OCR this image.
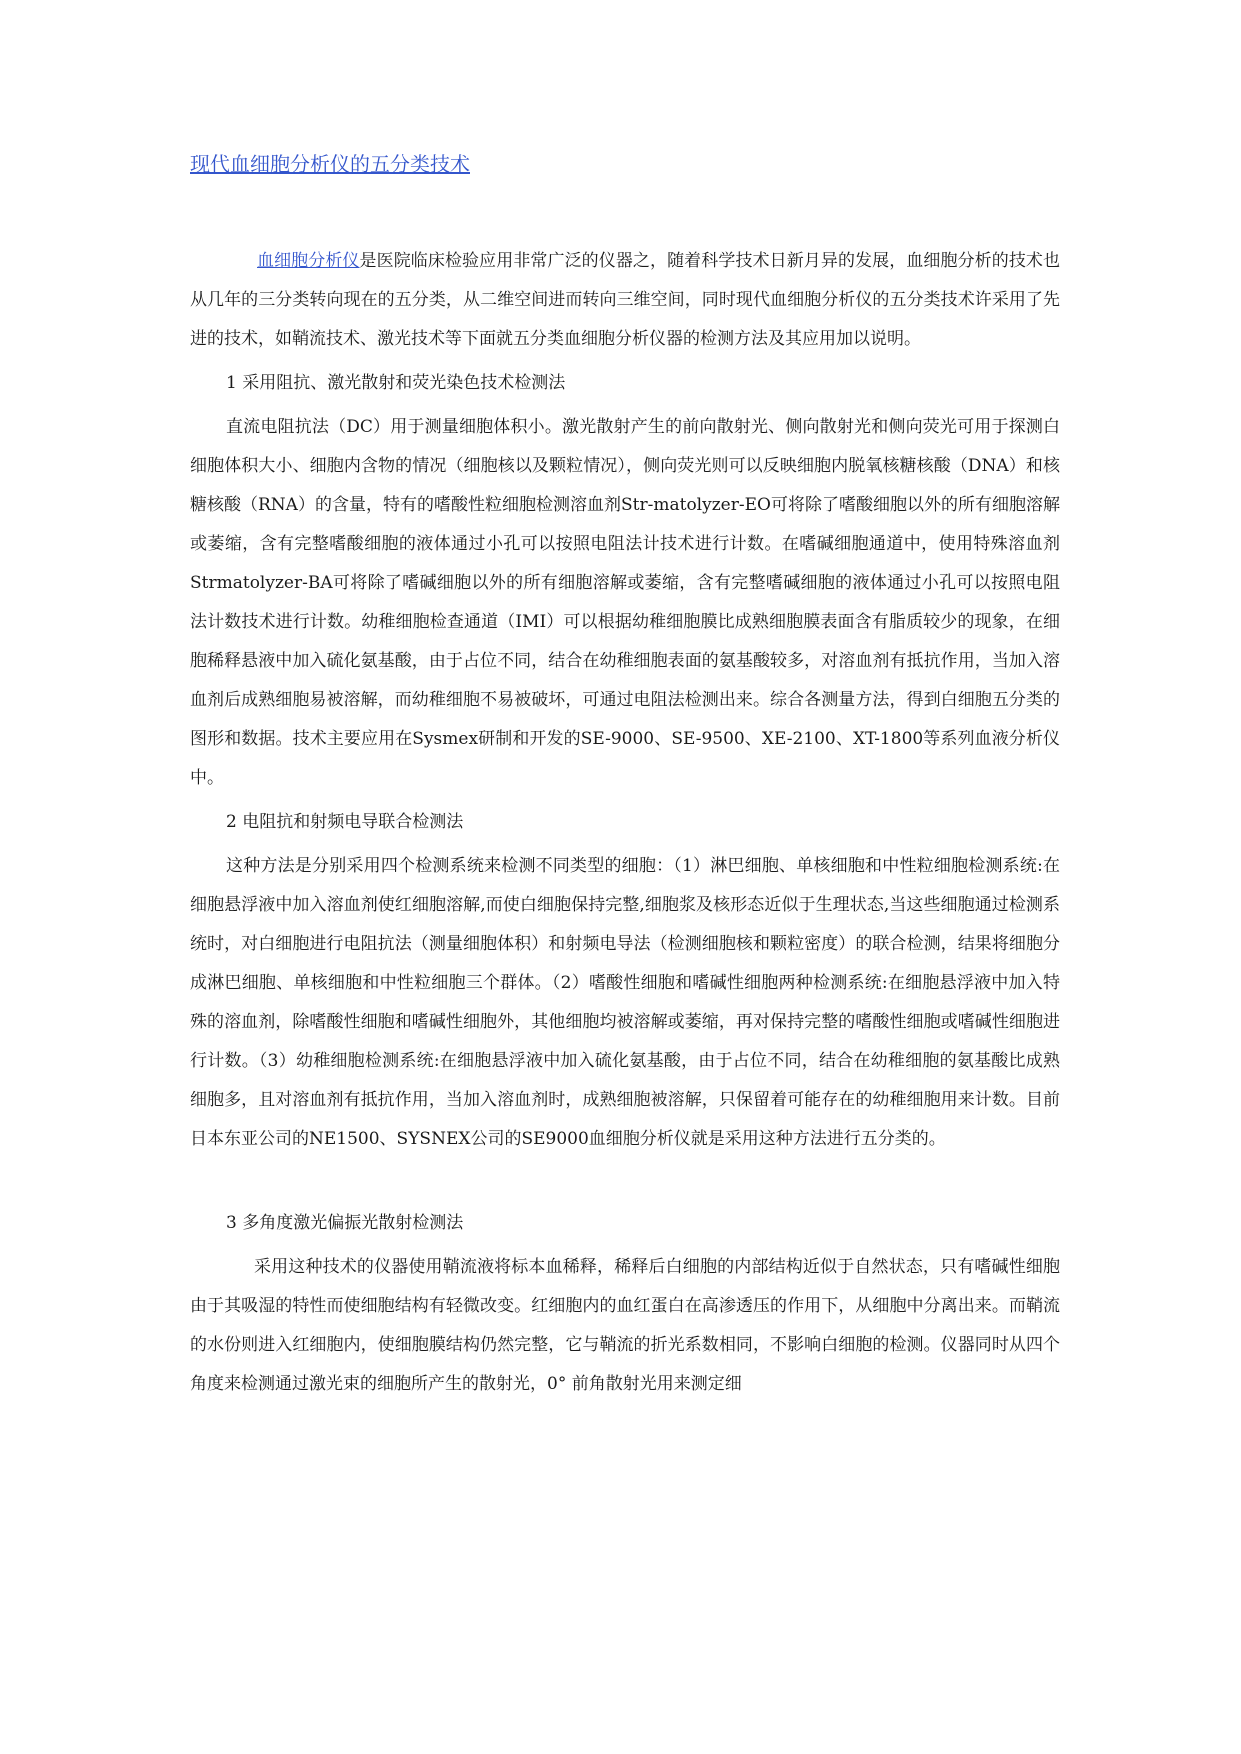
现代血细胞分析仪的五分类技术

血细胞分析仪是医院临床检验应用非常广泛的仪器之，随着科学技术日新月异的发展，血细胞分析的技术也从几年的三分类转向现在的五分类，从二维空间进而转向三维空间，同时现代血细胞分析仪的五分类技术许采用了先进的技术，如鞘流技术、激光技术等下面就五分类血细胞分析仪器的检测方法及其应用加以说明。

1 采用阻抗、激光散射和荧光染色技术检测法

直流电阻抗法（DC）用于测量细胞体积小。激光散射产生的前向散射光、侧向散射光和侧向荧光可用于探测白细胞体积大小、细胞内含物的情况（细胞核以及颗粒情况），侧向荧光则可以反映细胞内脱氧核糖核酸（DNA）和核糖核酸（RNA）的含量，特有的嗜酸性粒细胞检测溶血剂Str-matolyzer-EO可将除了嗜酸细胞以外的所有细胞溶解或萎缩，含有完整嗜酸细胞的液体通过小孔可以按照电阻法计技术进行计数。在嗜碱细胞通道中，使用特殊溶血剂Strmatolyzer-BA可将除了嗜碱细胞以外的所有细胞溶解或萎缩，含有完整嗜碱细胞的液体通过小孔可以按照电阻法计数技术进行计数。幼稚细胞检查通道（IMI）可以根据幼稚细胞膜比成熟细胞膜表面含有脂质较少的现象，在细胞稀释悬液中加入硫化氨基酸，由于占位不同，结合在幼稚细胞表面的氨基酸较多，对溶血剂有抵抗作用，当加入溶血剂后成熟细胞易被溶解，而幼稚细胞不易被破坏，可通过电阻法检测出来。综合各测量方法，得到白细胞五分类的图形和数据。技术主要应用在Sysmex研制和开发的SE-9000、SE-9500、XE-2100、XT-1800等系列血液分析仪中。

2 电阻抗和射频电导联合检测法

这种方法是分别采用四个检测系统来检测不同类型的细胞：（1）淋巴细胞、单核细胞和中性粒细胞检测系统:在细胞悬浮液中加入溶血剂使红细胞溶解,而使白细胞保持完整,细胞浆及核形态近似于生理状态,当这些细胞通过检测系统时，对白细胞进行电阻抗法（测量细胞体积）和射频电导法（检测细胞核和颗粒密度）的联合检测，结果将细胞分成淋巴细胞、单核细胞和中性粒细胞三个群体。（2）嗜酸性细胞和嗜碱性细胞两种检测系统:在细胞悬浮液中加入特殊的溶血剂，除嗜酸性细胞和嗜碱性细胞外，其他细胞均被溶解或萎缩，再对保持完整的嗜酸性细胞或嗜碱性细胞进行计数。（3）幼稚细胞检测系统:在细胞悬浮液中加入硫化氨基酸，由于占位不同，结合在幼稚细胞的氨基酸比成熟细胞多，且对溶血剂有抵抗作用，当加入溶血剂时，成熟细胞被溶解，只保留着可能存在的幼稚细胞用来计数。目前日本东亚公司的NE1500、SYSNEX公司的SE9000血细胞分析仪就是采用这种方法进行五分类的。

3 多角度激光偏振光散射检测法

采用这种技术的仪器使用鞘流液将标本血稀释，稀释后白细胞的内部结构近似于自然状态，只有嗜碱性细胞由于其吸湿的特性而使细胞结构有轻微改变。红细胞内的血红蛋白在高渗透压的作用下，从细胞中分离出来。而鞘流的水份则进入红细胞内，使细胞膜结构仍然完整，它与鞘流的折光系数相同，不影响白细胞的检测。仪器同时从四个角度来检测通过激光束的细胞所产生的散射光，0° 前角散射光用来测定细
